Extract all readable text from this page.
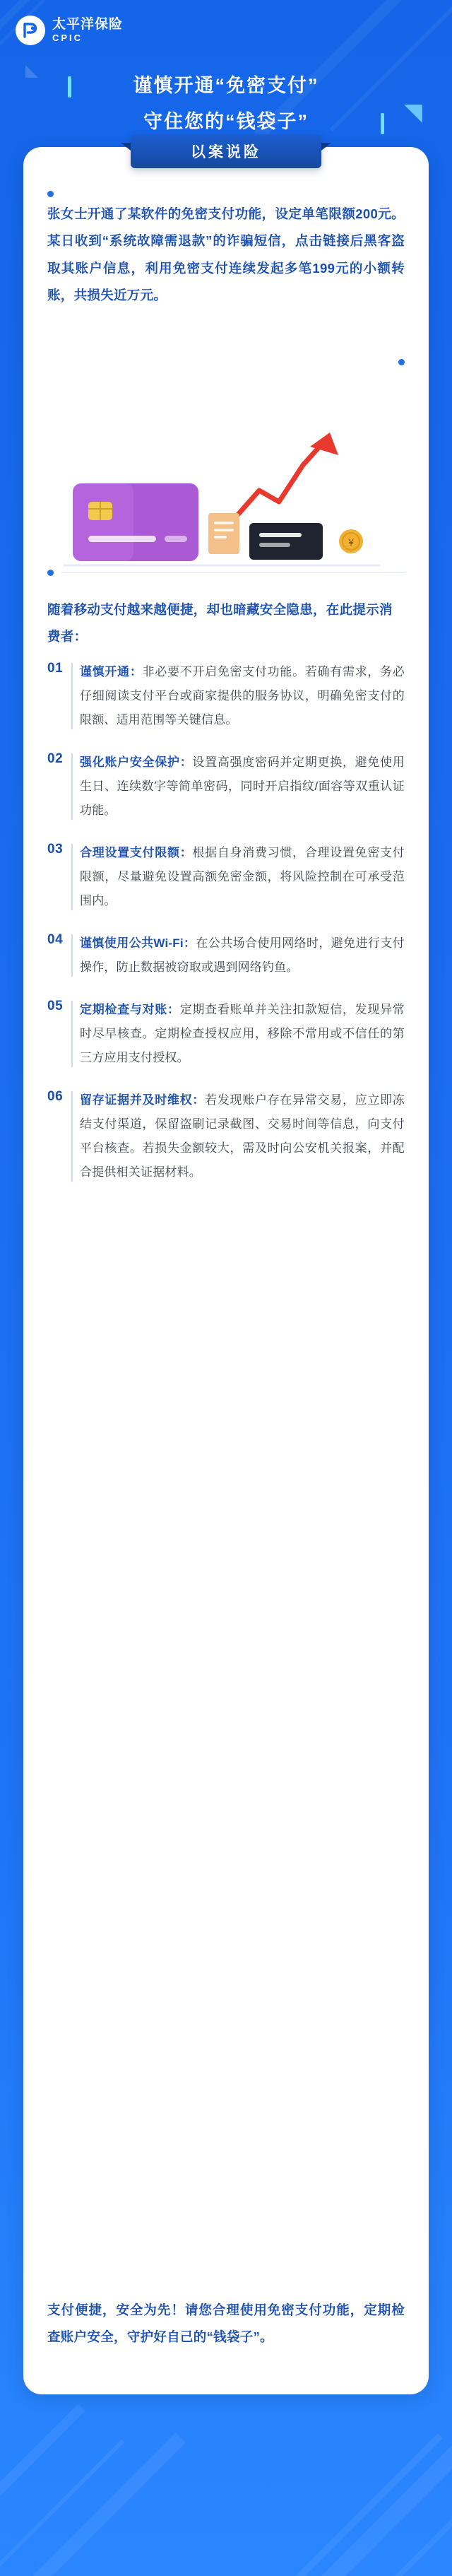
太平洋保险
CPIC
谨慎开通“免密支付”
守住您的“钱袋子”
以案说险
张女士开通了某软件的免密支付功能，设定单笔限额200元。某日收到“系统故障需退款”的诈骗短信，点击链接后黑客盗取其账户信息，利用免密支付连续发起多笔199元的小额转账，共损失近万元。
¥
随着移动支付越来越便捷，却也暗藏安全隐患，在此提示消费者：
01 谨慎开通：非必要不开启免密支付功能。若确有需求，务必仔细阅读支付平台或商家提供的服务协议，明确免密支付的限额、适用范围等关键信息。
02 强化账户安全保护：设置高强度密码并定期更换，避免使用生日、连续数字等简单密码，同时开启指纹/面容等双重认证功能。
03 合理设置支付限额：根据自身消费习惯，合理设置免密支付限额，尽量避免设置高额免密金额，将风险控制在可承受范围内。
04 谨慎使用公共Wi-Fi：在公共场合使用网络时，避免进行支付操作，防止数据被窃取或遇到网络钓鱼。
05 定期检查与对账：定期查看账单并关注扣款短信，发现异常时尽早核查。定期检查授权应用，移除不常用或不信任的第三方应用支付授权。
06 留存证据并及时维权：若发现账户存在异常交易，应立即冻结支付渠道，保留盗刷记录截图、交易时间等信息，向支付平台核查。若损失金额较大，需及时向公安机关报案，并配合提供相关证据材料。
支付便捷，安全为先！请您合理使用免密支付功能，定期检查账户安全，守护好自己的“钱袋子”。
